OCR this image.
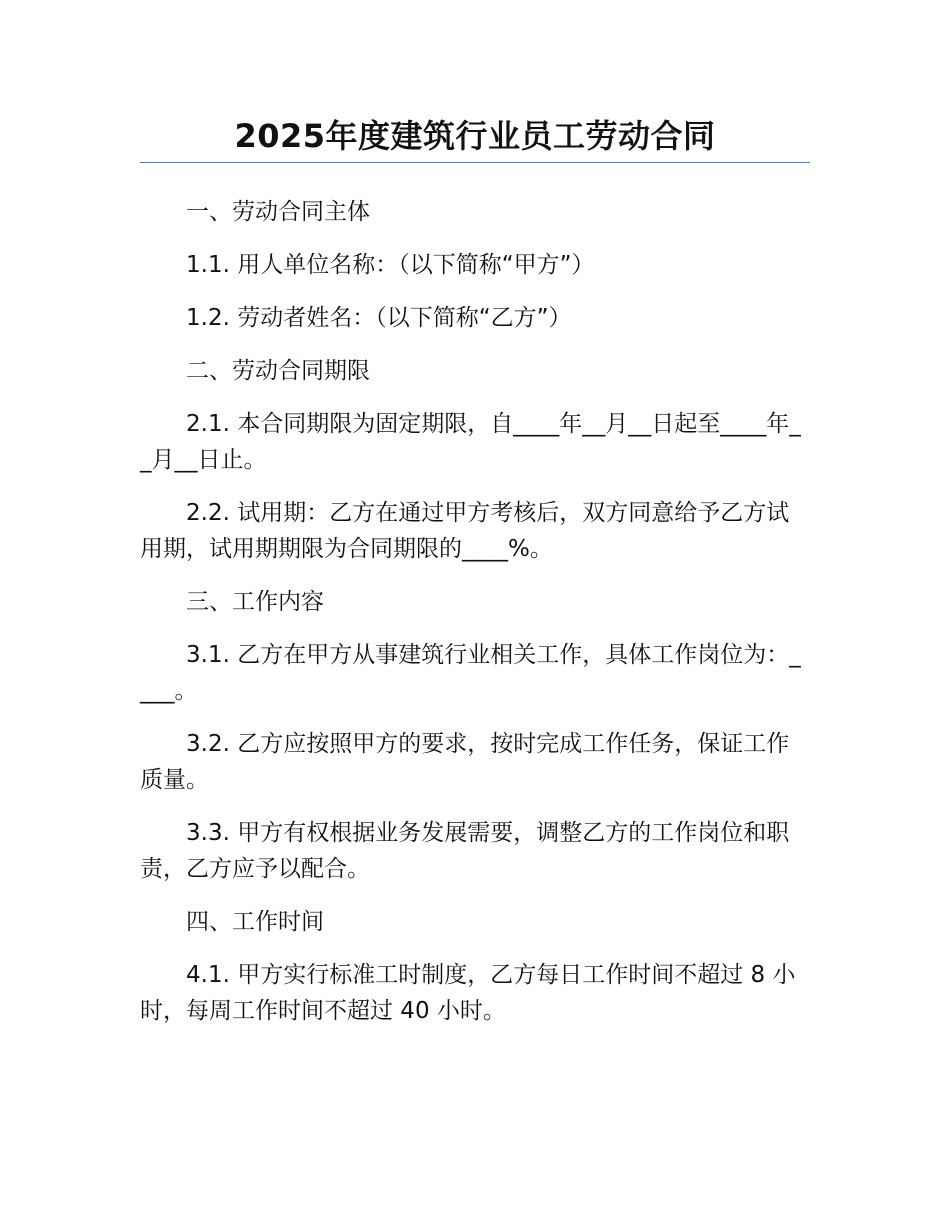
2025年度建筑行业员工劳动合同

一、劳动合同主体

1.1. 用人单位名称：（以下简称“甲方”）

1.2. 劳动者姓名：（以下简称“乙方”）

二、劳动合同期限

2.1. 本合同期限为固定期限，自____年__月__日起至____年__月__日止。

2.2. 试用期：乙方在通过甲方考核后，双方同意给予乙方试用期，试用期期限为合同期限的____%。

三、工作内容

3.1. 乙方在甲方从事建筑行业相关工作，具体工作岗位为：____。

3.2. 乙方应按照甲方的要求，按时完成工作任务，保证工作质量。

3.3. 甲方有权根据业务发展需要，调整乙方的工作岗位和职责，乙方应予以配合。

四、工作时间

4.1. 甲方实行标准工时制度，乙方每日工作时间不超过 8 小时，每周工作时间不超过 40 小时。
